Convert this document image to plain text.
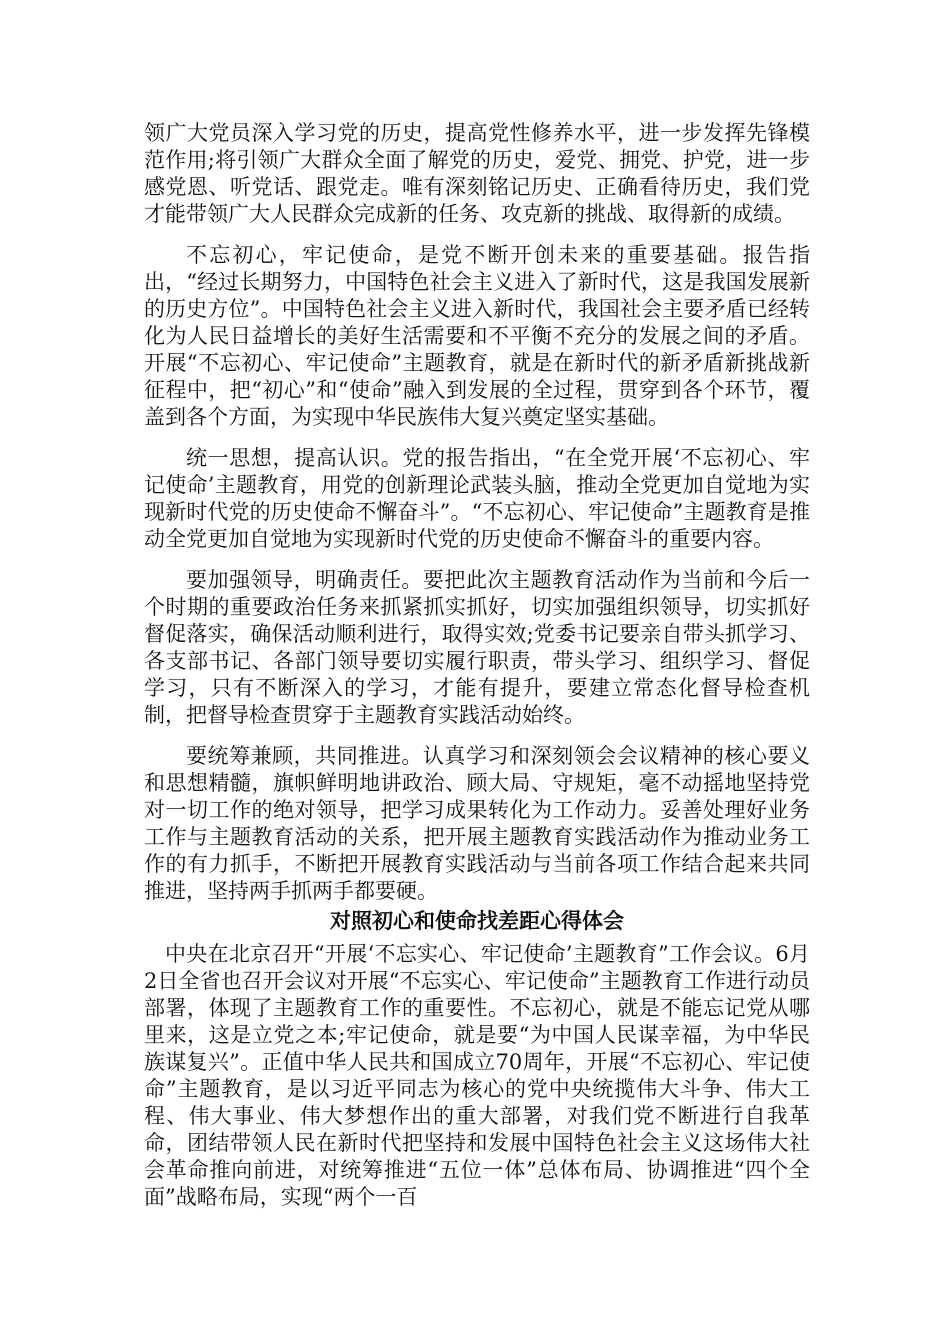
领广大党员深入学习党的历史，提高党性修养水平，进一步发挥先锋模范作用;将引领广大群众全面了解党的历史，爱党、拥党、护党，进一步感党恩、听党话、跟党走。唯有深刻铭记历史、正确看待历史，我们党才能带领广大人民群众完成新的任务、攻克新的挑战、取得新的成绩。

不忘初心，牢记使命，是党不断开创未来的重要基础。报告指出，“经过长期努力，中国特色社会主义进入了新时代，这是我国发展新的历史方位”。中国特色社会主义进入新时代，我国社会主要矛盾已经转化为人民日益增长的美好生活需要和不平衡不充分的发展之间的矛盾。开展“不忘初心、牢记使命”主题教育，就是在新时代的新矛盾新挑战新征程中，把“初心”和“使命”融入到发展的全过程，贯穿到各个环节，覆盖到各个方面，为实现中华民族伟大复兴奠定坚实基础。

统一思想，提高认识。党的报告指出，“在全党开展‘不忘初心、牢记使命’主题教育，用党的创新理论武装头脑，推动全党更加自觉地为实现新时代党的历史使命不懈奋斗”。“不忘初心、牢记使命”主题教育是推动全党更加自觉地为实现新时代党的历史使命不懈奋斗的重要内容。

要加强领导，明确责任。要把此次主题教育活动作为当前和今后一个时期的重要政治任务来抓紧抓实抓好，切实加强组织领导，切实抓好督促落实，确保活动顺利进行，取得实效;党委书记要亲自带头抓学习、各支部书记、各部门领导要切实履行职责，带头学习、组织学习、督促学习，只有不断深入的学习，才能有提升，要建立常态化督导检查机制，把督导检查贯穿于主题教育实践活动始终。

要统筹兼顾，共同推进。认真学习和深刻领会会议精神的核心要义和思想精髓，旗帜鲜明地讲政治、顾大局、守规矩，毫不动摇地坚持党对一切工作的绝对领导，把学习成果转化为工作动力。妥善处理好业务工作与主题教育活动的关系，把开展主题教育实践活动作为推动业务工作的有力抓手，不断把开展教育实践活动与当前各项工作结合起来共同推进，坚持两手抓两手都要硬。

对照初心和使命找差距心得体会

中央在北京召开“开展‘不忘实心、牢记使命’主题教育”工作会议。6月2日全省也召开会议对开展“不忘实心、牢记使命”主题教育工作进行动员部署，体现了主题教育工作的重要性。不忘初心，就是不能忘记党从哪里来，这是立党之本;牢记使命，就是要“为中国人民谋幸福，为中华民族谋复兴”。正值中华人民共和国成立70周年，开展“不忘初心、牢记使命”主题教育，是以习近平同志为核心的党中央统揽伟大斗争、伟大工程、伟大事业、伟大梦想作出的重大部署，对我们党不断进行自我革命，团结带领人民在新时代把坚持和发展中国特色社会主义这场伟大社会革命推向前进，对统筹推进“五位一体”总体布局、协调推进“四个全面”战略布局，实现“两个一百
